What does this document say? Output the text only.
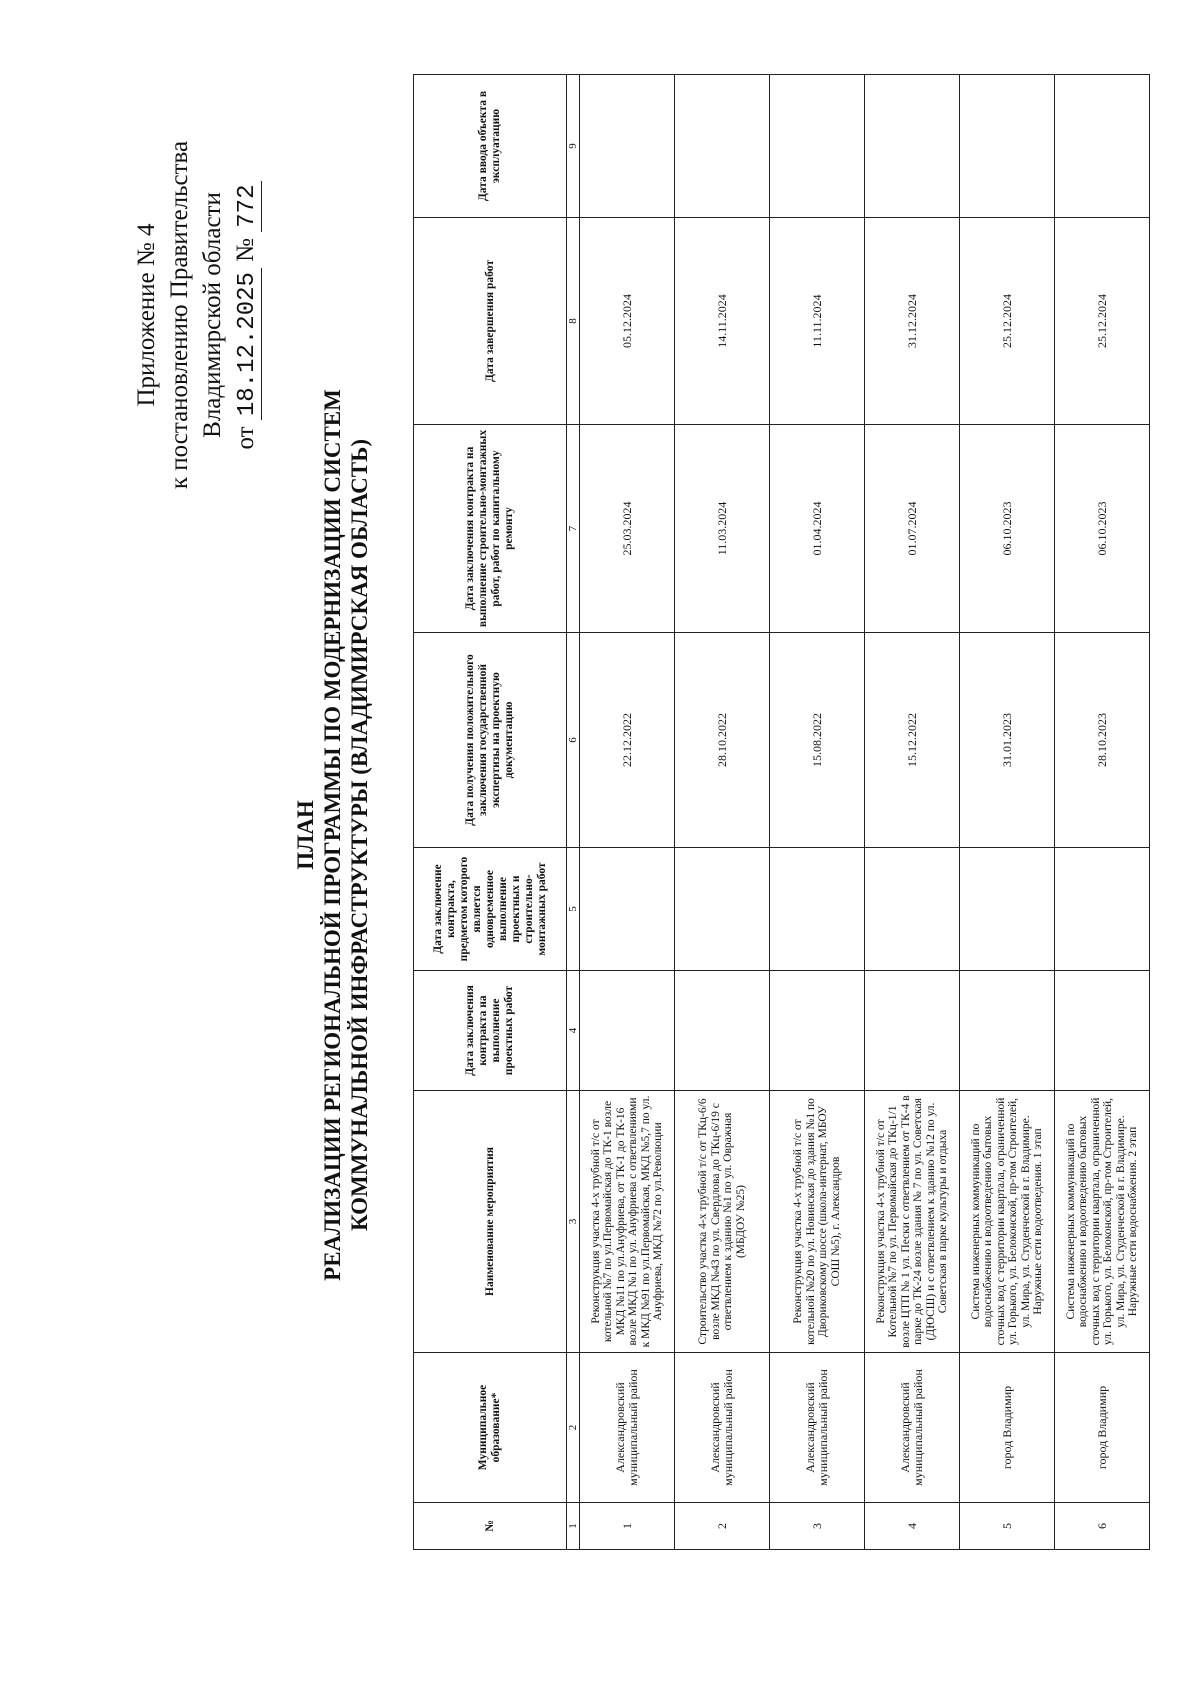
Приложение № 4 к постановлению Правительства Владимирской области
от 18.12.2025 № 772
ПЛАН РЕАЛИЗАЦИИ РЕГИОНАЛЬНОЙ ПРОГРАММЫ ПО МОДЕРНИЗАЦИИ СИСТЕМ КОММУНАЛЬНОЙ ИНФРАСТРУКТУРЫ (ВЛАДИМИРСКАЯ ОБЛАСТЬ)
№	Муниципальное образование*	Наименование мероприятия	Дата заключения контракта на выполнение проектных работ	Дата заключение контракта, предметом которого является одновременное выполнение проектных и строительно-монтажных работ	Дата получения положительного заключения государственной экспертизы на проектную документацию	Дата заключения контракта на выполнение строительно-монтажных работ, работ по капитальному ремонту	Дата завершения работ	Дата ввода объекта в эксплуатацию
1	2	3	4	5	6	7	8	9
1	Александровский муниципальный район	Реконструкция участка 4-х трубной т/с от котельной №7 по ул.Первомайская до ТК-1 возле МКД №11 по ул.Ануфриева, от ТК-1 до ТК-16 возле МКД №1 по ул. Ануфриева с ответвлениями к МКД №91 по ул.Первомайская, МКД №5,7 по ул. Ануфриева, МКД №72 по ул.Революции			22.12.2022	25.03.2024	05.12.2024	
2	Александровский муниципальный район	Строительство участка 4-х трубной т/с от ТКц-6/6 возле МКД №43 по ул. Свердлова до ТКц-6/19 с ответвлением к зданию №1 по ул. Овражная (МБДОУ №25)			28.10.2022	11.03.2024	14.11.2024	
3	Александровский муниципальный район	Реконструкция участка 4-х трубной т/с от котельной №20 по ул. Новинская до здания №1 по Двориковскому шоссе (школа-интернат, МБОУ СОШ №5), г. Александров			15.08.2022	01.04.2024	11.11.2024	
4	Александровский муниципальный район	Реконструкция участка 4-х трубной т/с от Котельной №7 по ул. Первомайская до ТКц-1/1 возле ЦТП № 1 ул. Пески с ответвлением от ТК-4 в парке до ТК-24 возле здания № 7 по ул. Советская (ДЮСШ) и с ответвлением к зданию №12 по ул. Советская в парке культуры и отдыха			15.12.2022	01.07.2024	31.12.2024	
5	город Владимир	Система инженерных коммуникаций по водоснабжению и водоотведению бытовых сточных вод с территории квартала, ограниченной ул. Горького, ул. Белоконской, пр-том Строителей, ул. Мира, ул. Студенческой в г. Владимире. Наружные сети водоотведения. 1 этап			31.01.2023	06.10.2023	25.12.2024	
6	город Владимир	Система инженерных коммуникаций по водоснабжению и водоотведению бытовых сточных вод с территории квартала, ограниченной ул. Горького, ул. Белоконской, пр-том Строителей, ул. Мира, ул. Студенческой в г. Владимире. Наружные сети водоснабжения. 2 этап			28.10.2023	06.10.2023	25.12.2024	
